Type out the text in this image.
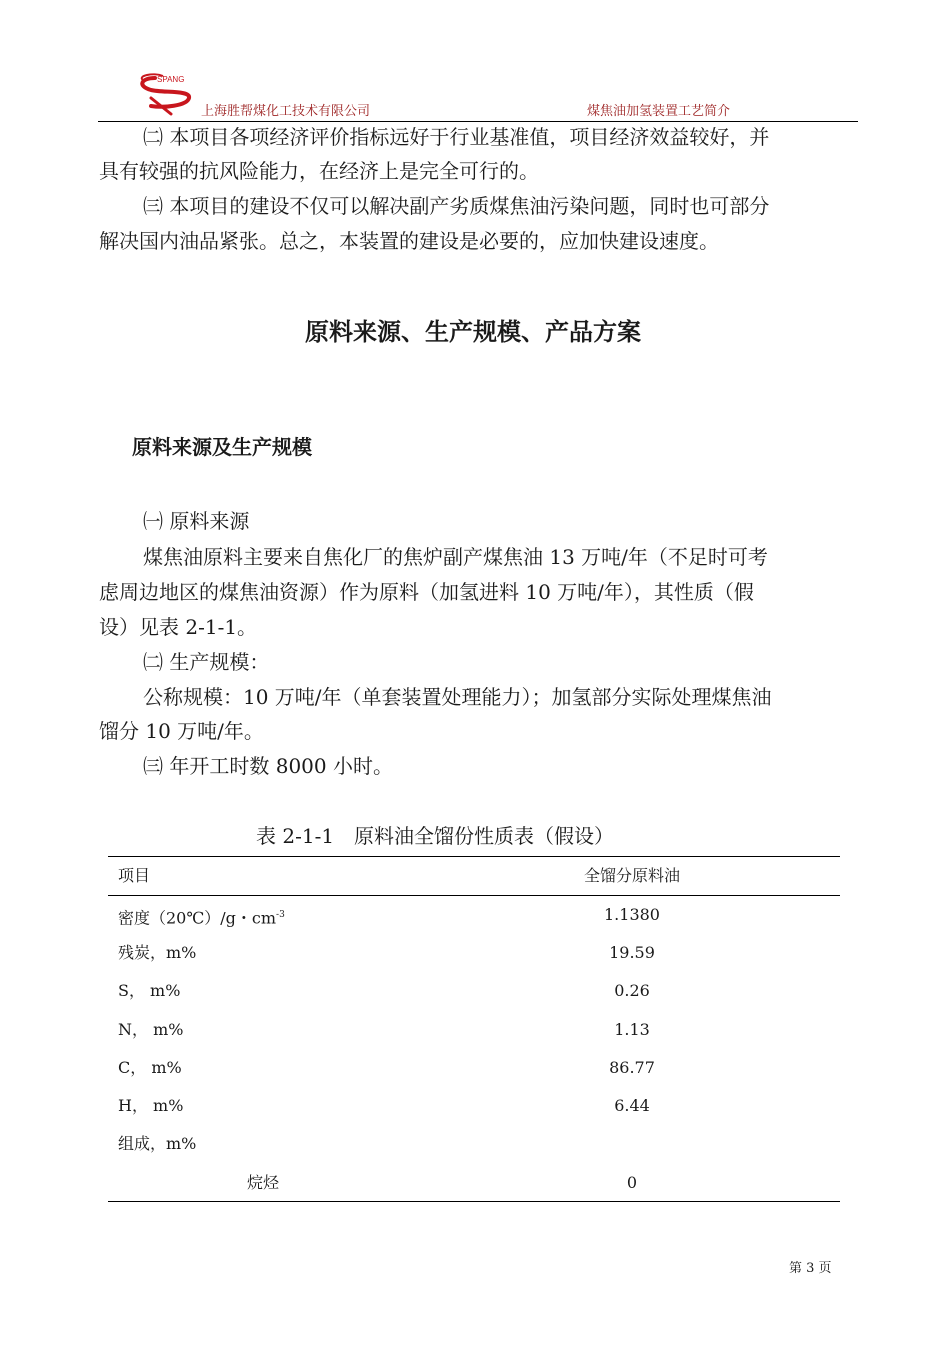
SPANG
上海胜帮煤化工技术有限公司	煤焦油加氢装置工艺简介
㈡ 本项目各项经济评价指标远好于行业基准值，项目经济效益较好，并
具有较强的抗风险能力，在经济上是完全可行的。
㈢ 本项目的建设不仅可以解决副产劣质煤焦油污染问题，同时也可部分
解决国内油品紧张。总之，本装置的建设是必要的，应加快建设速度。
原料来源、生产规模、产品方案
原料来源及生产规模
㈠ 原料来源
煤焦油原料主要来自焦化厂的焦炉副产煤焦油 13 万吨/年（不足时可考
虑周边地区的煤焦油资源）作为原料（加氢进料 10 万吨/年），其性质（假
设）见表 2-1-1。
㈡ 生产规模：
公称规模：10 万吨/年（单套装置处理能力）；加氢部分实际处理煤焦油
馏分 10 万吨/年。
㈢ 年开工时数 8000 小时。
表 2-1-1　原料油全馏份性质表（假设）
项目	全馏分原料油
密度（20℃）/g・$cm^{-3}$	1.1380
残炭，m%	19.59
S， m%	0.26
N， m%	1.13
C， m%	86.77
H， m%	6.44
组成，m%
烷烃	0
第 3 页
